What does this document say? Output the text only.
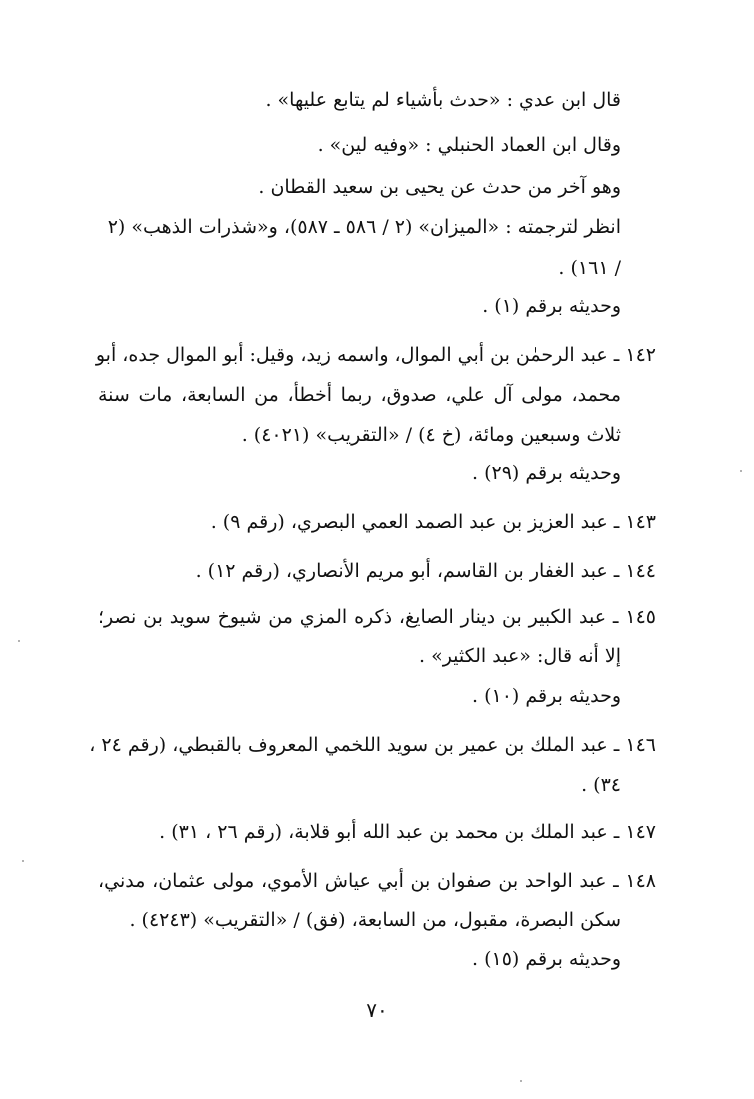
قال ابن عدي : «حدث بأشياء لم يتابع عليها» .
وقال ابن العماد الحنبلي : «وفيه لين» .
وهو آخر من حدث عن يحيى بن سعيد القطان .
انظر لترجمته : «الميزان» (٢ / ٥٨٦ ـ ٥٨٧)، و«شذرات الذهب» (٢
/ ١٦١) .
وحديثه برقم (١) .
١٤٢ ـ عبد الرحمٰن بن أبي الموال، واسمه زيد، وقيل: أبو الموال جده، أبو
محمد، مولى آل علي، صدوق، ربما أخطأ، من السابعة، مات سنة
ثلاث وسبعين ومائة، (خ ٤) / «التقريب» (٤٠٢١) .
وحديثه برقم (٢٩) .
١٤٣ ـ عبد العزيز بن عبد الصمد العمي البصري، (رقم ٩) .
١٤٤ ـ عبد الغفار بن القاسم، أبو مريم الأنصاري، (رقم ١٢) .
١٤٥ ـ عبد الكبير بن دينار الصايغ، ذكره المزي من شيوخ سويد بن نصر؛
إلا أنه قال: «عبد الكثير» .
وحديثه برقم (١٠) .
١٤٦ ـ عبد الملك بن عمير بن سويد اللخمي المعروف بالقبطي، (رقم ٢٤ ،
٣٤) .
١٤٧ ـ عبد الملك بن محمد بن عبد الله أبو قلابة، (رقم ٢٦ ، ٣١) .
١٤٨ ـ عبد الواحد بن صفوان بن أبي عياش الأموي، مولى عثمان، مدني،
سكن البصرة، مقبول، من السابعة، (فق) / «التقريب» (٤٢٤٣) .
وحديثه برقم (١٥) .
٧٠
